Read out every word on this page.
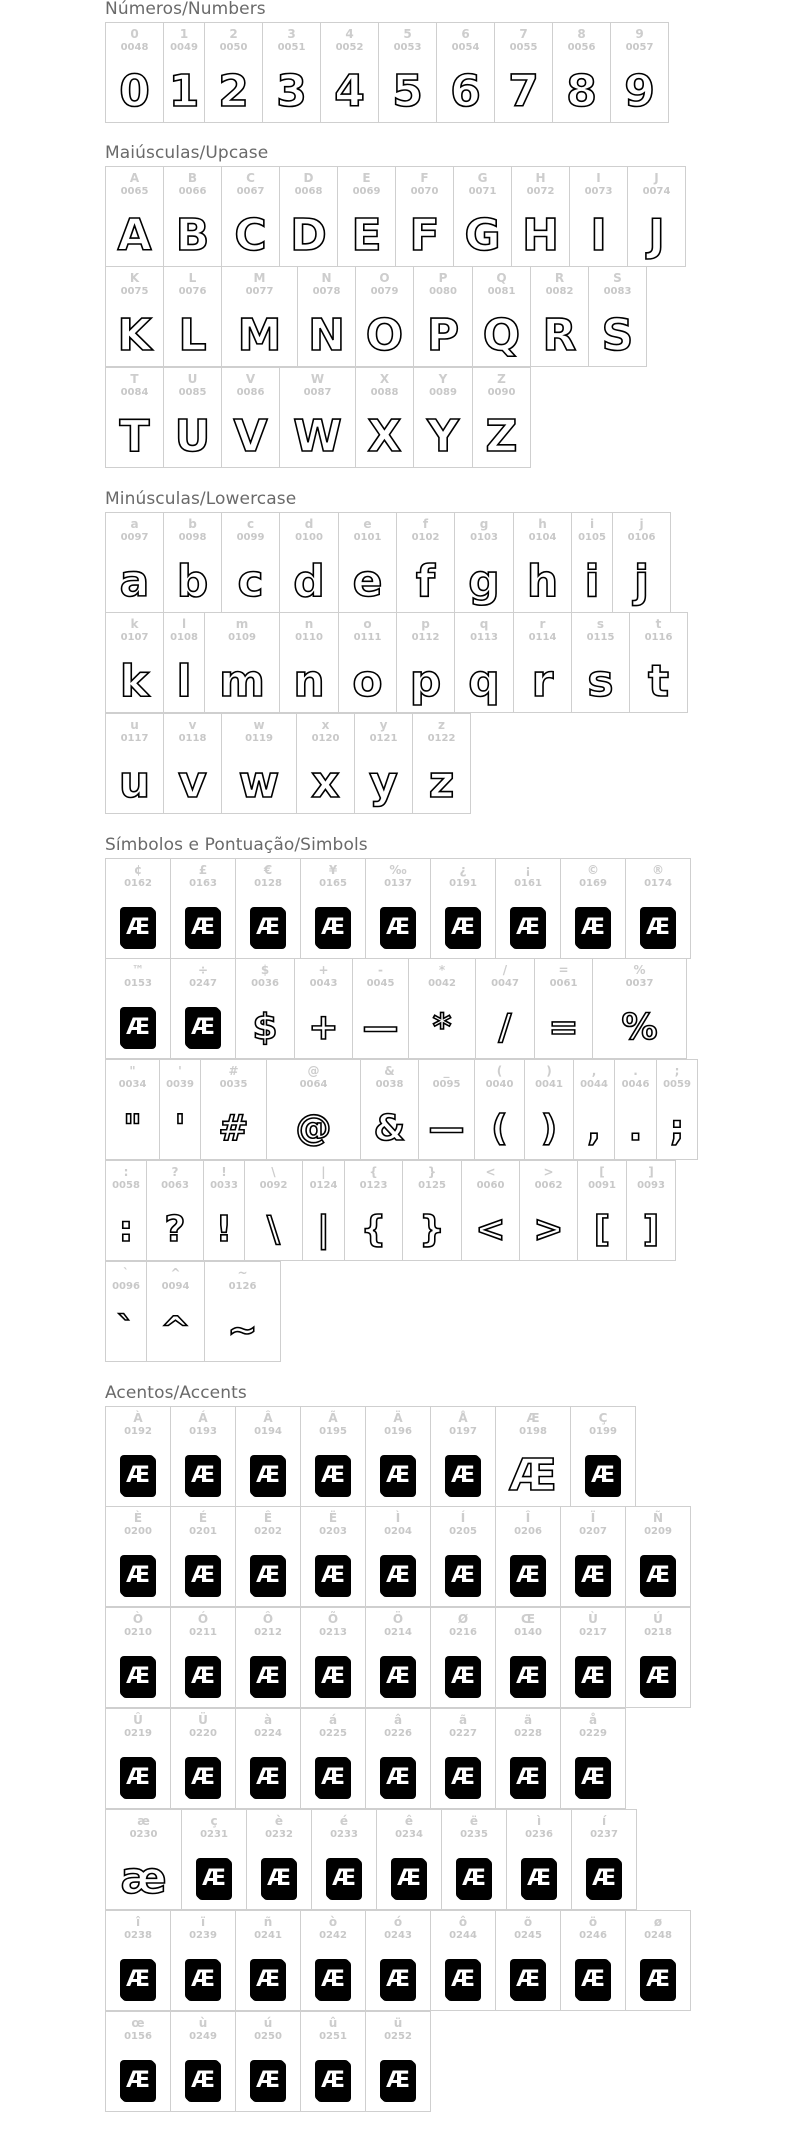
Números/Numbers
0
0048
0
1
0049
1
2
0050
2
3
0051
3
4
0052
4
5
0053
5
6
0054
6
7
0055
7
8
0056
8
9
0057
9
Maiúsculas/Upcase
A
0065
A
B
0066
B
C
0067
C
D
0068
D
E
0069
E
F
0070
F
G
0071
G
H
0072
H
I
0073
I
J
0074
J
K
0075
K
L
0076
L
M
0077
M
N
0078
N
O
0079
O
P
0080
P
Q
0081
Q
R
0082
R
S
0083
S
T
0084
T
U
0085
U
V
0086
V
W
0087
W
X
0088
X
Y
0089
Y
Z
0090
Z
Minúsculas/Lowercase
a
0097
a
b
0098
b
c
0099
c
d
0100
d
e
0101
e
f
0102
f
g
0103
g
h
0104
h
i
0105
i
j
0106
j
k
0107
k
l
0108
l
m
0109
m
n
0110
n
o
0111
o
p
0112
p
q
0113
q
r
0114
r
s
0115
s
t
0116
t
u
0117
u
v
0118
v
w
0119
w
x
0120
x
y
0121
y
z
0122
z
Símbolos e Pontuação/Simbols
¢
0162
Æ
£
0163
Æ
€
0128
Æ
¥
0165
Æ
‰
0137
Æ
¿
0191
Æ
¡
0161
Æ
©
0169
Æ
®
0174
Æ
™
0153
Æ
÷
0247
Æ
$
0036
$
+
0043
+
-
0045
—
*
0042
*
/
0047
/
=
0061
=
%
0037
%
"
0034
"
'
0039
'
#
0035
#
@
0064
@
&
0038
&
_
0095
—
(
0040
(
)
0041
)
,
0044
,
.
0046
.
;
0059
;
:
0058
:
?
0063
?
!
0033
!
\
0092
\
|
0124
|
{
0123
{
}
0125
}
<
0060
<
>
0062
>
[
0091
[
]
0093
]
`
0096
`
^
0094
^
~
0126
~
Acentos/Accents
À
0192
Æ
Á
0193
Æ
Â
0194
Æ
Ã
0195
Æ
Ä
0196
Æ
Å
0197
Æ
Æ
0198
Æ
Ç
0199
Æ
È
0200
Æ
É
0201
Æ
Ê
0202
Æ
Ë
0203
Æ
Ì
0204
Æ
Í
0205
Æ
Î
0206
Æ
Ï
0207
Æ
Ñ
0209
Æ
Ò
0210
Æ
Ó
0211
Æ
Ô
0212
Æ
Õ
0213
Æ
Ö
0214
Æ
Ø
0216
Æ
Œ
0140
Æ
Ù
0217
Æ
Ú
0218
Æ
Û
0219
Æ
Ü
0220
Æ
à
0224
Æ
á
0225
Æ
â
0226
Æ
ã
0227
Æ
ä
0228
Æ
å
0229
Æ
æ
0230
æ
ç
0231
Æ
è
0232
Æ
é
0233
Æ
ê
0234
Æ
ë
0235
Æ
ì
0236
Æ
í
0237
Æ
î
0238
Æ
ï
0239
Æ
ñ
0241
Æ
ò
0242
Æ
ó
0243
Æ
ô
0244
Æ
õ
0245
Æ
ö
0246
Æ
ø
0248
Æ
œ
0156
Æ
ù
0249
Æ
ú
0250
Æ
û
0251
Æ
ü
0252
Æ
